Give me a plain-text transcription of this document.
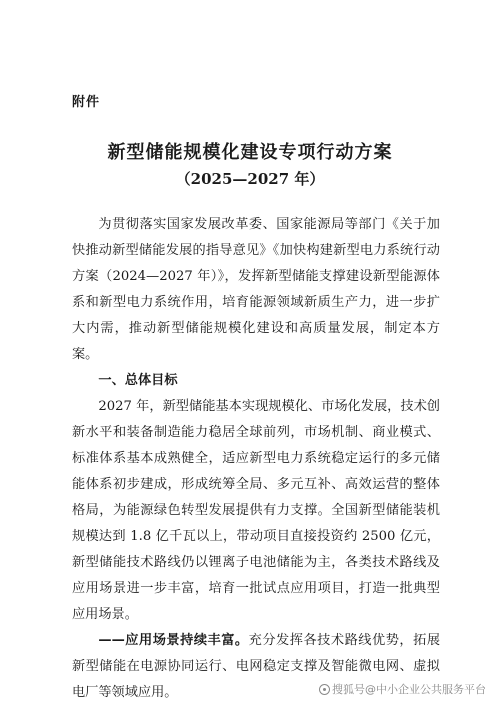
附件
新型储能规模化建设专项行动方案
（2025—2027 年）

为贯彻落实国家发展改革委、国家能源局等部门《关于加快推动新型储能发展的指导意见》《加快构建新型电力系统行动方案（2024—2027 年）》，发挥新型储能支撑建设新型能源体系和新型电力系统作用，培育能源领域新质生产力，进一步扩大内需，推动新型储能规模化建设和高质量发展，制定本方案。

一、总体目标

2027 年，新型储能基本实现规模化、市场化发展，技术创新水平和装备制造能力稳居全球前列，市场机制、商业模式、标准体系基本成熟健全，适应新型电力系统稳定运行的多元储能体系初步建成，形成统筹全局、多元互补、高效运营的整体格局，为能源绿色转型发展提供有力支撑。全国新型储能装机规模达到 1.8 亿千瓦以上，带动项目直接投资约 2500 亿元，新型储能技术路线仍以锂离子电池储能为主，各类技术路线及应用场景进一步丰富，培育一批试点应用项目，打造一批典型应用场景。

——应用场景持续丰富。充分发挥各技术路线优势，拓展新型储能在电源协同运行、电网稳定支撑及智能微电网、虚拟电厂等领域应用。	搜狐号@中小企业公共服务平台
